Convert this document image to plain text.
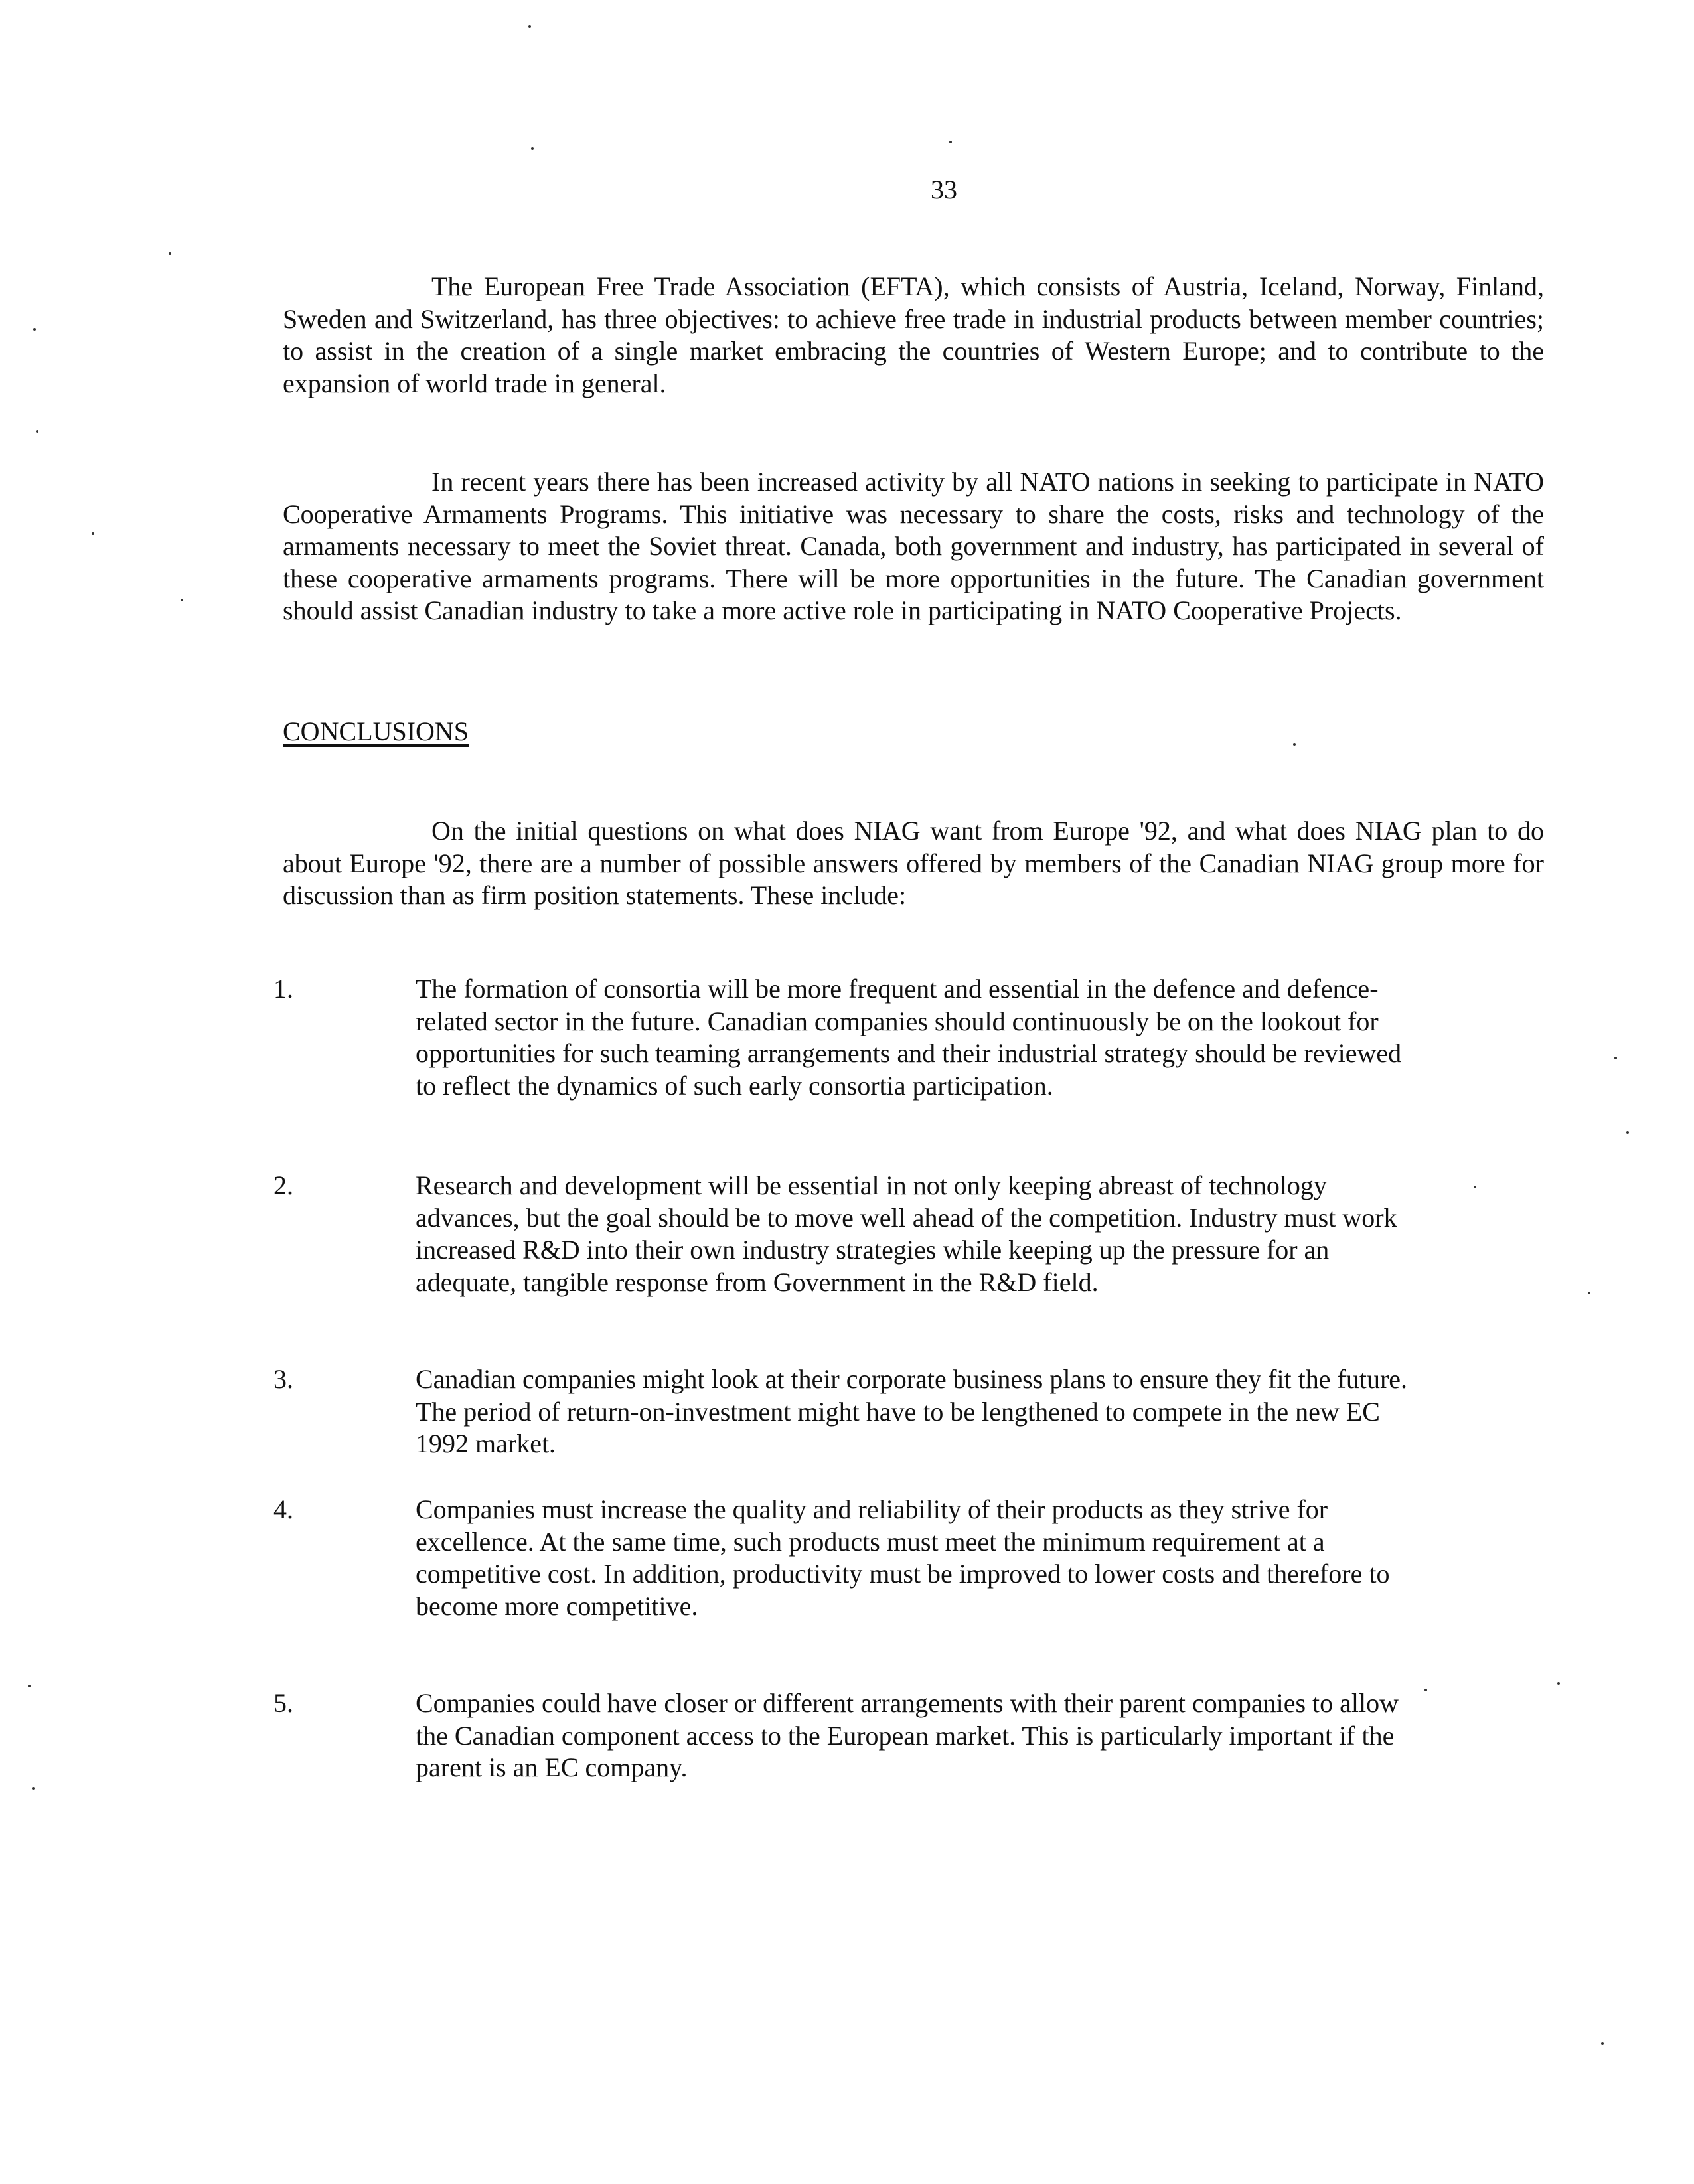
33

The European Free Trade Association (EFTA), which consists of Austria, Iceland, Norway, Finland, Sweden and Switzerland, has three objectives: to achieve free trade in industrial products between member countries; to assist in the creation of a single market embracing the countries of Western Europe; and to contribute to the expansion of world trade in general.

In recent years there has been increased activity by all NATO nations in seeking to participate in NATO Cooperative Armaments Programs. This initiative was necessary to share the costs, risks and technology of the armaments necessary to meet the Soviet threat. Canada, both government and industry, has participated in several of these cooperative armaments programs. There will be more opportunities in the future. The Canadian government should assist Canadian industry to take a more active role in participating in NATO Cooperative Projects.

CONCLUSIONS

On the initial questions on what does NIAG want from Europe '92, and what does NIAG plan to do about Europe '92, there are a number of possible answers offered by members of the Canadian NIAG group more for discussion than as firm position statements. These include:

1.	The formation of consortia will be more frequent and essential in the defence and defence-related sector in the future. Canadian companies should continuously be on the lookout for opportunities for such teaming arrangements and their industrial strategy should be reviewed to reflect the dynamics of such early consortia participation.

2.	Research and development will be essential in not only keeping abreast of technology advances, but the goal should be to move well ahead of the competition. Industry must work increased R&D into their own industry strategies while keeping up the pressure for an adequate, tangible response from Government in the R&D field.

3.	Canadian companies might look at their corporate business plans to ensure they fit the future. The period of return-on-investment might have to be lengthened to compete in the new EC 1992 market.

4.	Companies must increase the quality and reliability of their products as they strive for excellence. At the same time, such products must meet the minimum requirement at a competitive cost. In addition, productivity must be improved to lower costs and therefore to become more competitive.

5.	Companies could have closer or different arrangements with their parent companies to allow the Canadian component access to the European market. This is particularly important if the parent is an EC company.
